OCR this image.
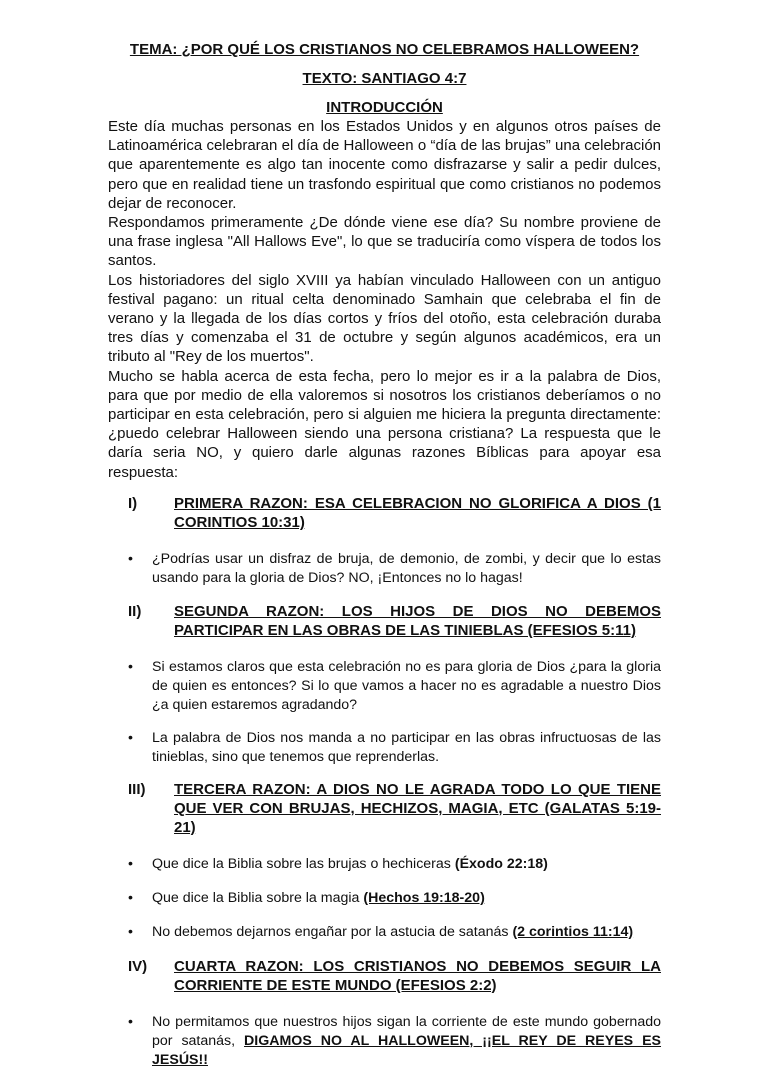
TEMA: ¿POR QUÉ LOS CRISTIANOS NO CELEBRAMOS HALLOWEEN?
TEXTO: SANTIAGO 4:7
INTRODUCCIÓN

Este día muchas personas en los Estados Unidos y en algunos otros países de Latinoamérica celebraran el día de Halloween o “día de las brujas” una celebración que aparentemente es algo tan inocente como disfrazarse y salir a pedir dulces, pero que en realidad tiene un trasfondo espiritual que como cristianos no podemos dejar de reconocer.

Respondamos primeramente ¿De dónde viene ese día? Su nombre proviene de una frase inglesa "All Hallows Eve", lo que se traduciría como víspera de todos los santos.

Los historiadores del siglo XVIII ya habían vinculado Halloween con un antiguo festival pagano: un ritual celta denominado Samhain que celebraba el fin de verano y la llegada de los días cortos y fríos del otoño, esta celebración duraba tres días y comenzaba el 31 de octubre y según algunos académicos, era un tributo al "Rey de los muertos".

Mucho se habla acerca de esta fecha, pero lo mejor es ir a la palabra de Dios, para que por medio de ella valoremos si nosotros los cristianos deberíamos o no participar en esta celebración, pero si alguien me hiciera la pregunta directamente: ¿puedo celebrar Halloween siendo una persona cristiana? La respuesta que le daría seria NO, y quiero darle algunas razones Bíblicas para apoyar esa respuesta:

I)	PRIMERA RAZON: ESA CELEBRACION NO GLORIFICA A DIOS (1 CORINTIOS 10:31)
•	¿Podrías usar un disfraz de bruja, de demonio, de zombi, y decir que lo estas usando para la gloria de Dios? NO, ¡Entonces no lo hagas!
II)	SEGUNDA RAZON: LOS HIJOS DE DIOS NO DEBEMOS PARTICIPAR EN LAS OBRAS DE LAS TINIEBLAS (EFESIOS 5:11)
•	Si estamos claros que esta celebración no es para gloria de Dios ¿para la gloria de quien es entonces? Si lo que vamos a hacer no es agradable a nuestro Dios ¿a quien estaremos agradando?
•	La palabra de Dios nos manda a no participar en las obras infructuosas de las tinieblas, sino que tenemos que reprenderlas.
III)	TERCERA RAZON: A DIOS NO LE AGRADA TODO LO QUE TIENE QUE VER CON BRUJAS, HECHIZOS, MAGIA, ETC (GALATAS 5:19-21)
•	Que dice la Biblia sobre las brujas o hechiceras (Éxodo 22:18)
•	Que dice la Biblia sobre la magia (Hechos 19:18-20)
•	No debemos dejarnos engañar por la astucia de satanás (2 corintios 11:14)
IV)	CUARTA RAZON: LOS CRISTIANOS NO DEBEMOS SEGUIR LA CORRIENTE DE ESTE MUNDO (EFESIOS 2:2)
•	No permitamos que nuestros hijos sigan la corriente de este mundo gobernado por satanás, DIGAMOS NO AL HALLOWEEN, ¡¡EL REY DE REYES ES JESÚS!!
